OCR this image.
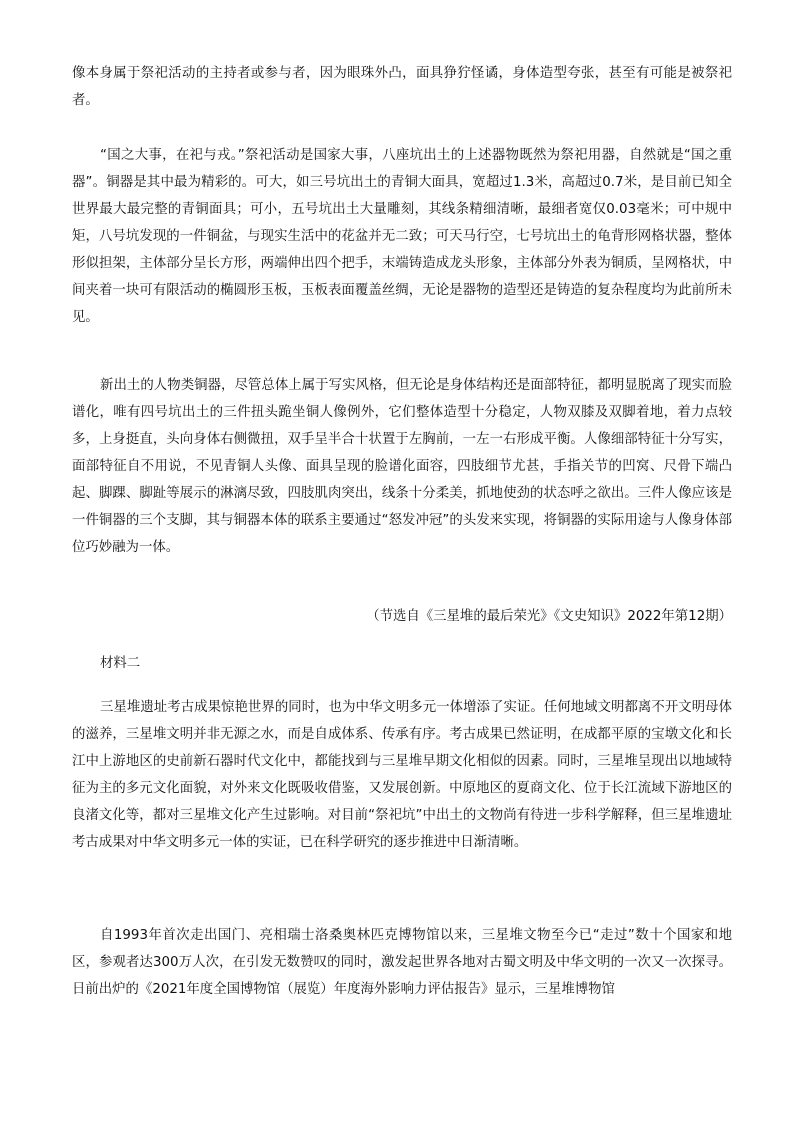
像本身属于祭祀活动的主持者或参与者，因为眼珠外凸，面具狰狞怪谲，身体造型夸张，甚至有可能是被祭祀者。

“国之大事，在祀与戎。”祭祀活动是国家大事，八座坑出土的上述器物既然为祭祀用器，自然就是“国之重器”。铜器是其中最为精彩的。可大，如三号坑出土的青铜大面具，宽超过1.3米，高超过0.7米，是目前已知全世界最大最完整的青铜面具；可小，五号坑出土大量雕刻，其线条精细清晰，最细者宽仅0.03毫米；可中规中矩，八号坑发现的一件铜盆，与现实生活中的花盆并无二致；可天马行空，七号坑出土的龟背形网格状器，整体形似担架，主体部分呈长方形，两端伸出四个把手，末端铸造成龙头形象，主体部分外表为铜质，呈网格状，中间夹着一块可有限活动的椭圆形玉板，玉板表面覆盖丝绸，无论是器物的造型还是铸造的复杂程度均为此前所未见。

新出土的人物类铜器，尽管总体上属于写实风格，但无论是身体结构还是面部特征，都明显脱离了现实而脸谱化，唯有四号坑出土的三件扭头跪坐铜人像例外，它们整体造型十分稳定，人物双膝及双脚着地，着力点较多，上身挺直，头向身体右侧微扭，双手呈半合十状置于左胸前，一左一右形成平衡。人像细部特征十分写实，面部特征自不用说，不见青铜人头像、面具呈现的脸谱化面容，四肢细节尤甚，手指关节的凹窝、尺骨下端凸起、脚踝、脚趾等展示的淋漓尽致，四肢肌肉突出，线条十分柔美，抓地使劲的状态呼之欲出。三件人像应该是一件铜器的三个支脚，其与铜器本体的联系主要通过“怒发冲冠”的头发来实现，将铜器的实际用途与人像身体部位巧妙融为一体。

（节选自《三星堆的最后荣光》《文史知识》2022年第12期）
材料二

三星堆遗址考古成果惊艳世界的同时，也为中华文明多元一体增添了实证。任何地域文明都离不开文明母体的滋养，三星堆文明并非无源之水，而是自成体系、传承有序。考古成果已然证明，在成都平原的宝墩文化和长江中上游地区的史前新石器时代文化中，都能找到与三星堆早期文化相似的因素。同时，三星堆呈现出以地域特征为主的多元文化面貌，对外来文化既吸收借鉴，又发展创新。中原地区的夏商文化、位于长江流域下游地区的良渚文化等，都对三星堆文化产生过影响。对目前“祭祀坑”中出土的文物尚有待进一步科学解释，但三星堆遗址考古成果对中华文明多元一体的实证，已在科学研究的逐步推进中日渐清晰。

自1993年首次走出国门、亮相瑞士洛桑奥林匹克博物馆以来，三星堆文物至今已“走过”数十个国家和地区，参观者达300万人次，在引发无数赞叹的同时，激发起世界各地对古蜀文明及中华文明的一次又一次探寻。日前出炉的《2021年度全国博物馆（展览）年度海外影响力评估报告》显示，三星堆博物馆
